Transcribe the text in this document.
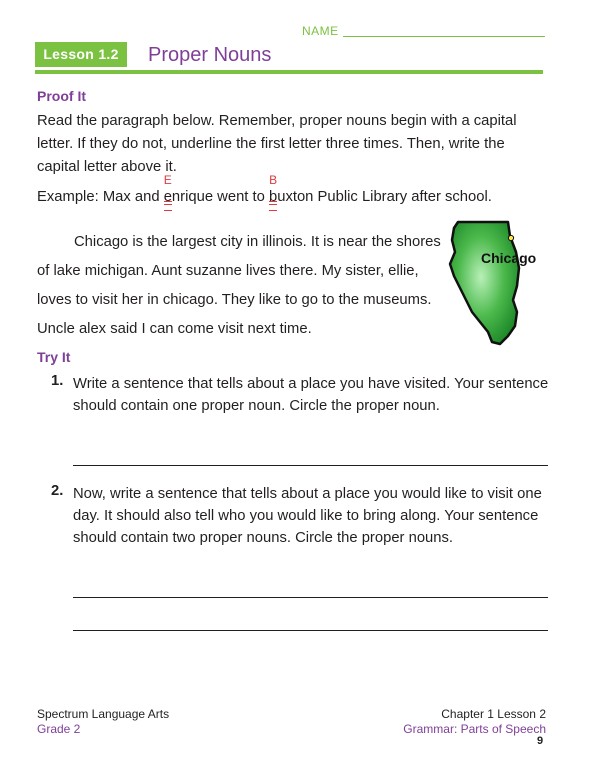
NAME
Lesson 1.2	Proper Nouns
Proof It
Read the paragraph below. Remember, proper nouns begin with a capital letter. If they do not, underline the first letter three times. Then, write the capital letter above it.
Example: Max and
E
e
nrique went to
B
b
uxton Public Library after school.
Chicago is the largest city in illinois. It is near the shores of lake michigan. Aunt suzanne lives there. My sister, ellie, loves to visit her in chicago. They like to go to the museums. Uncle alex said I can come visit next time.
Chicago
Try It
1. Write a sentence that tells about a place you have visited. Your sentence should contain one proper noun. Circle the proper noun.
2. Now, write a sentence that tells about a place you would like to visit one day. It should also tell who you would like to bring along. Your sentence should contain two proper nouns. Circle the proper nouns.
Spectrum Language Arts
Grade 2
Chapter 1 Lesson 2
Grammar: Parts of Speech
9
